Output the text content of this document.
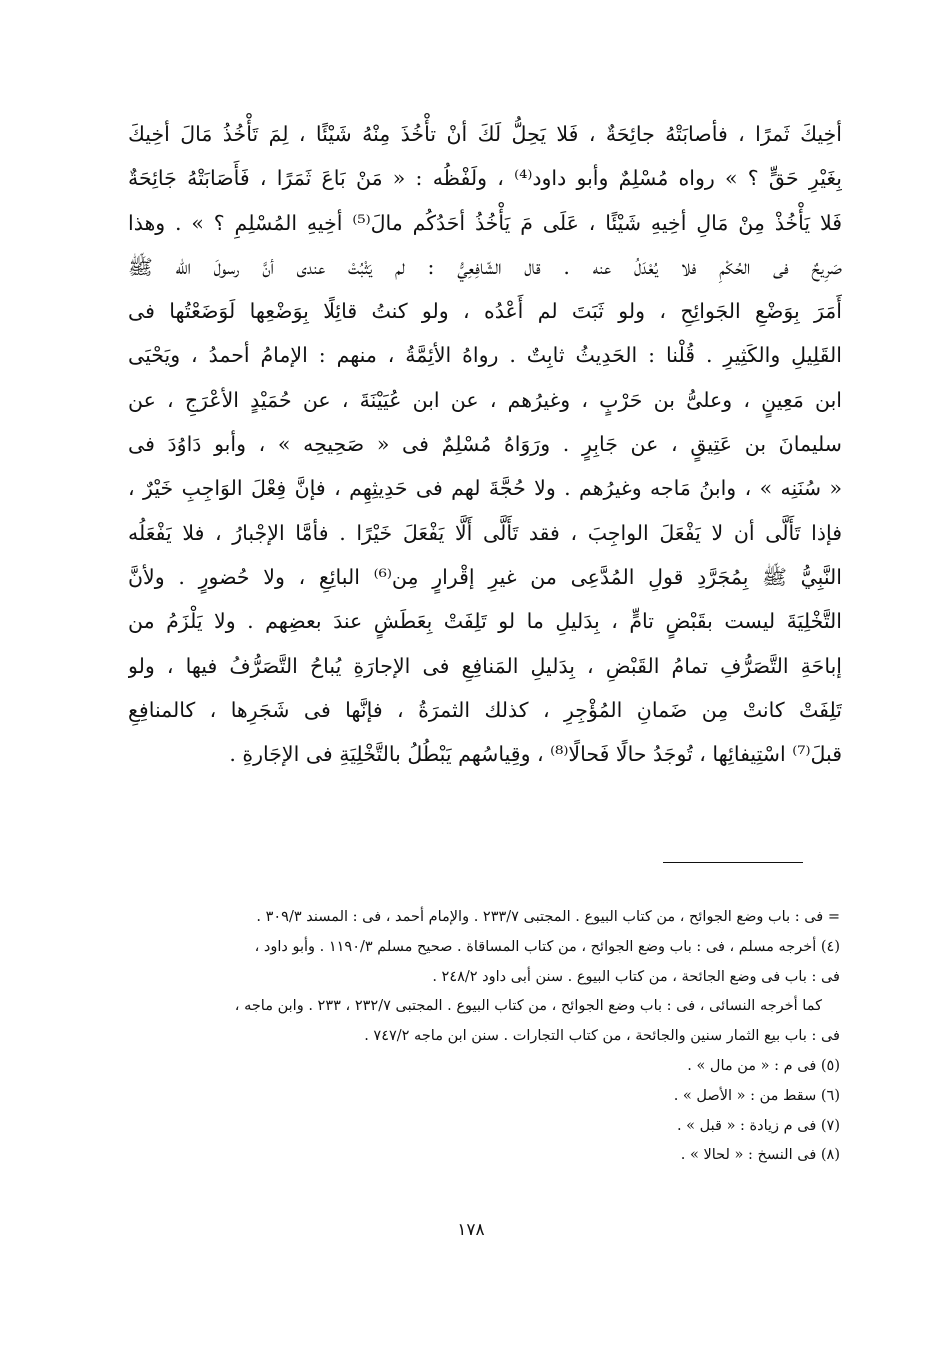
أخِيكَ ثَمرًا ، فأصابَتْهُ جائِحَةٌ ، فَلا يَحِلُّ لَكَ أنْ تأْخُذَ مِنْهُ شَيْئًا ، لِمَ تَأْخُذُ مَالَ أخِيكَ
بِغَيْرِ حَقٍّ ؟ » رواه مُسْلِمٌ وأبو داود⁽⁴⁾ ، ولَفْظُه : « مَنْ بَاعَ ثَمَرًا ، فَأَصَابَتْهُ جَائِحَةٌ
فَلا يَأْخُذْ مِنْ مَالِ أخِيهِ شَيْئًا ، عَلَى مَ يَأْخُذُ أحَدُكُم مالَ⁽⁵⁾ أخِيهِ المُسْلِمِ ؟ » . وهذا
صَرِيحٌ فى الحُكْمِ فلا يُعْدَلُ عنه . قال الشّافِعِيُّ : لم يَثْبُتْ عندى أنَّ رسولَ الله ﷺ
أَمَرَ بِوَضْعِ الجَوائِحِ ، ولو ثَبَتَ لم أَعْدُه ، ولو كنتُ قائِلًا بِوَضْعِها لَوَضَعْتُها فى
القَلِيلِ والكَثِيرِ . قُلْنا : الحَدِيثُ ثابِتٌ . رواهُ الأئِمَّةُ ، منهم : الإمامُ أحمدُ ، ويَحْيَى
ابن مَعِينٍ ، وعلىُّ بن حَرْبٍ ، وغيرُهم ، عن ابن عُيَيْنَةَ ، عن حُمَيْدٍ الأعْرَجِ ، عن
سليمانَ بن عَتِيقٍ ، عن جَابِرٍ . ورَوَاهُ مُسْلِمٌ فى « صَحِيحِه » ، وأبو دَاوُدَ فى
« سُنَنِه » ، وابنُ مَاجه وغيرُهم . ولا حُجَّةَ لهم فى حَدِيثِهِم ، فإنَّ فِعْلَ الوَاجِبِ خَيْرٌ ،
فإذا تَأَلَّى أن لا يَفْعَلَ الواجِبَ ، فقد تَأَلَّى أَلَّا يَفْعَلَ خَيْرًا . فأمَّا الإجْبارُ ، فلا يَفْعَلُه
النَّبِيُّ ﷺ بِمُجَرَّدِ قولِ المُدَّعِى من غيرِ إقْرارٍ مِن⁽⁶⁾ البائِعِ ، ولا حُضورٍ . ولأنَّ
التَّخْلِيَةَ ليست بقَبْضٍ تامٍّ ، بِدَليلِ ما لو تَلِفَتْ بِعَطَشٍ عندَ بعضِهم . ولا يَلْزَمُ من
إباحَةِ التَّصَرُّفِ تمامُ القَبْضِ ، بِدَليلِ المَنافِعِ فى الإجارَةِ يُباحُ التَّصَرُّفُ فيها ، ولو
تَلِفَتْ كانتْ مِن ضَمانِ المُؤْجِرِ ، كذلك الثمرَةُ ، فإنَّها فى شَجَرِها ، كالمنافِعِ
قبلَ⁽⁷⁾ اسْتِيفائِها ، تُوجَدُ حالًا فَحالًا⁽⁸⁾ ، وقِياسُهم يَبْطُلُ بالتَّخْلِيَةِ فى الإجَارةِ .
= فى : باب وضع الجوائح ، من كتاب البيوع . المجتبى ٢٣٣/٧ . والإمام أحمد ، فى : المسند ٣٠٩/٣ .
(٤) أخرجه مسلم ، فى : باب وضع الجوائح ، من كتاب المساقاة . صحيح مسلم ١١٩٠/٣ . وأبو داود ،
فى : باب فى وضع الجائحة ، من كتاب البيوع . سنن أبى داود ٢٤٨/٢ .
كما أخرجه النسائى ، فى : باب وضع الجوائح ، من كتاب البيوع . المجتبى ٢٣٢/٧ ، ٢٣٣ . وابن ماجه ،
فى : باب بيع الثمار سنين والجائحة ، من كتاب التجارات . سنن ابن ماجه ٧٤٧/٢ .
(٥) فى م : « من مال » .
(٦) سقط من : « الأصل » .
(٧) فى م زيادة : « قبل » .
(٨) فى النسخ : « لحالا » .
١٧٨
